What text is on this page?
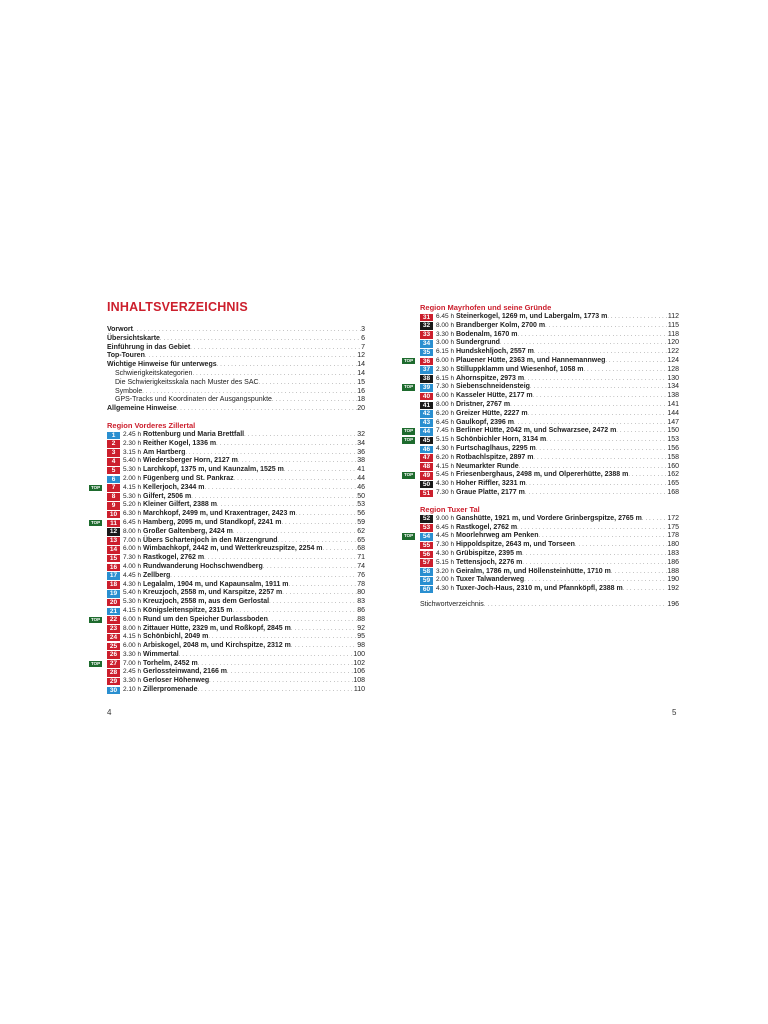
INHALTSVERZEICHNIS
Vorwort . . .	3
Übersichtskarte . . .	6
Einführung in das Gebiet . . .	7
Top-Touren . . .	12
Wichtige Hinweise für unterwegs . . .	14
Schwierigkeitskategorien . . .	14
Die Schwierigkeitsskala nach Muster des SAC . . .	15
Symbole . . .	16
GPS-Tracks und Koordinaten der Ausgangspunkte . . .	18
Allgemeine Hinweise . . .	20
Region Vorderes Zillertal
1	2.45 h Rottenburg und Maria Brettfall . . .	32
2	2.30 h Reither Kogel, 1336 m . . .	34
3	3.15 h Am Hartberg . . .	36
4	5.40 h Wiedersberger Horn, 2127 m . . .	38
5	5.30 h Larchkopf, 1375 m, und Kaunzalm, 1525 m . . .	41
6	2.00 h Fügenberg und St. Pankraz . . .	44
TOP	7	4.15 h Kellerjoch, 2344 m . . .	46
8	5.30 h Gilfert, 2506 m . . .	50
9	5.20 h Kleiner Gilfert, 2388 m . . .	53
10 6.30 h Marchkopf, 2499 m, und Kraxentrager, 2423 m . . .	56
TOP	11 6.45 h Hamberg, 2095 m, und Standkopf, 2241 m . . .	59
12 8.00 h Großer Galtenberg, 2424 m . . .	62
13 7.00 h Übers Schartenjoch in den Märzengrund . . .	65
14 6.00 h Wimbachkopf, 2442 m, und Wetterkreuzspitze, 2254 m . . .	68
15 7.30 h Rastkogel, 2762 m . . .	71
16 4.00 h Rundwanderung Hochschwendberg . . .	74
17 4.45 h Zellberg . . .	76
18 4.30 h Legalalm, 1904 m, und Kapaunsalm, 1911 m . . .	78
19 5.40 h Kreuzjoch, 2558 m, und Karspitze, 2257 m . . .	80
20 5.30 h Kreuzjoch, 2558 m, aus dem Gerlostal . . .	83
21 4.15 h Königsleitenspitze, 2315 m . . .	86
TOP	22 6.00 h Rund um den Speicher Durlassboden . . .	88
23 8.00 h Zittauer Hütte, 2329 m, und Roßkopf, 2845 m . . .	92
24 4.15 h Schönbichl, 2049 m . . .	95
25 6.00 h Arbiskogel, 2048 m, und Kirchspitze, 2312 m . . .	98
26 3.30 h Wimmertal . . .	100
TOP	27 7.00 h Torhelm, 2452 m . . .	102
28 2.45 h Gerlossteinwand, 2166 m . . .	106
29 3.30 h Gerloser Höhenweg . . .	108
30 2.10 h Zillerpromenade . . .	110
Region Mayrhofen und seine Gründe
31 6.45 h Steinerkogel, 1269 m, und Labergalm, 1773 m . . .	112
32 8.00 h Brandberger Kolm, 2700 m . . .	115
33 3.30 h Bodenalm, 1670 m . . .	118
34 3.00 h Sundergrund . . .	120
35 6.15 h Hundskehljoch, 2557 m . . .	122
TOP	36 6.00 h Plauener Hütte, 2363 m, und Hannemannweg . . .	124
37 2.30 h Stilluppklamm und Wiesenhof, 1058 m . . .	128
38 6.15 h Ahornspitze, 2973 m . . .	130
TOP	39 7.30 h Siebenschneidensteig . . .	134
40 6.00 h Kasseler Hütte, 2177 m . . .	138
41 8.00 h Dristner, 2767 m . . .	141
42 6.20 h Greizer Hütte, 2227 m . . .	144
43 6.45 h Gaulkopf, 2396 m . . .	147
TOP	44 7.45 h Berliner Hütte, 2042 m, und Schwarzsee, 2472 m . . .	150
TOP	45 5.15 h Schönbichler Horn, 3134 m . . .	153
46 4.30 h Furtschaglhaus, 2295 m . . .	156
47 6.20 h Rotbachlspitze, 2897 m . . .	158
48 4.15 h Neumarkter Runde . . .	160
TOP	49 5.45 h Friesenberghaus, 2498 m, und Olpererhütte, 2388 m . . .	162
50 4.30 h Hoher Riffler, 3231 m . . .	165
51 7.30 h Graue Platte, 2177 m . . .	168
Region Tuxer Tal
52 9.00 h Ganshütte, 1921 m, und Vordere Grinbergspitze, 2765 m . . .	172
53 6.45 h Rastkogel, 2762 m . . .	175
TOP	54 4.45 h Moorlehrweg am Penken . . .	178
55 7.30 h Hippoldspitze, 2643 m, und Torseen . . .	180
56 4.30 h Grübispitze, 2395 m . . .	183
57 5.15 h Tettensjoch, 2276 m . . .	186
58 3.20 h Geiralm, 1786 m, und Höllensteinhütte, 1710 m . . .	188
59 2.00 h Tuxer Talwanderweg . . .	190
60 4.30 h Tuxer-Joch-Haus, 2310 m, und Pfannköpfl, 2388 m . . .	192
Stichwortverzeichnis . . .	196
4	5
